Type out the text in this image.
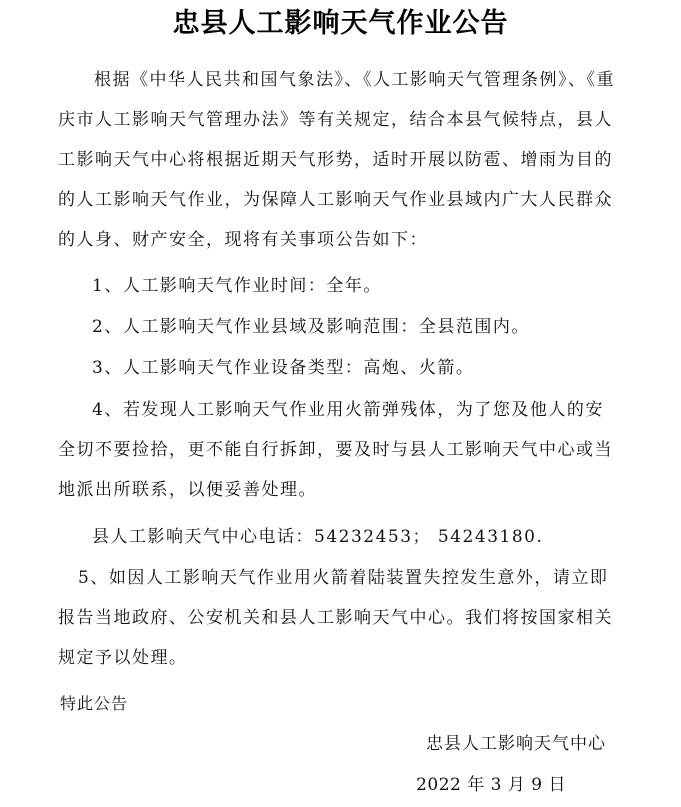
忠县人工影响天气作业公告

根据《中华人民共和国气象法》、《人工影响天气管理条例》、《重庆市人工影响天气管理办法》等有关规定，结合本县气候特点，县人工影响天气中心将根据近期天气形势，适时开展以防雹、增雨为目的的人工影响天气作业，为保障人工影响天气作业县域内广大人民群众的人身、财产安全，现将有关事项公告如下：

1、人工影响天气作业时间：全年。

2、人工影响天气作业县域及影响范围：全县范围内。

3、人工影响天气作业设备类型：高炮、火箭。

4、若发现人工影响天气作业用火箭弹残体，为了您及他人的安全切不要捡拾，更不能自行拆卸，要及时与县人工影响天气中心或当地派出所联系，以便妥善处理。

县人工影响天气中心电话：54232453； 54243180.

5、如因人工影响天气作业用火箭着陆装置失控发生意外，请立即报告当地政府、公安机关和县人工影响天气中心。我们将按国家相关规定予以处理。

特此公告

忠县人工影响天气中心

2022 年 3 月 9 日
